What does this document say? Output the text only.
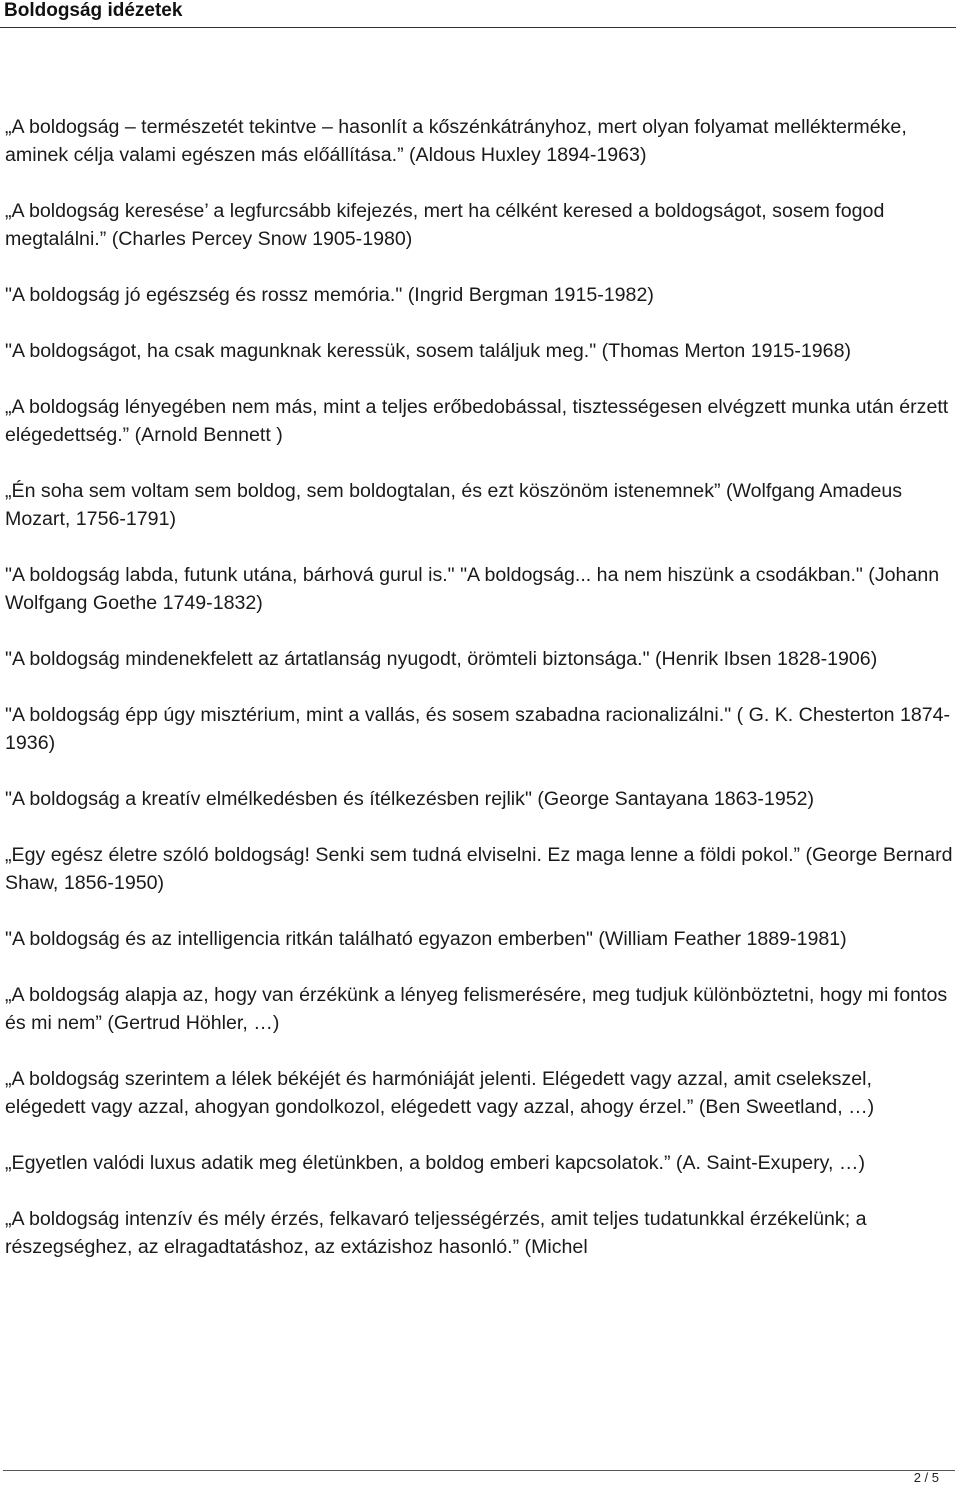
Boldogság idézetek

„A boldogság – természetét tekintve – hasonlít a kőszénkátrányhoz, mert olyan folyamat mellékterméke, aminek célja valami egészen más előállítása.” (Aldous Huxley 1894-1963)

„A boldogság keresése’ a legfurcsább kifejezés, mert ha célként keresed a boldogságot, sosem fogod megtalálni.” (Charles Percey Snow 1905-1980)

"A boldogság jó egészség és rossz memória." (Ingrid Bergman 1915-1982)

"A boldogságot, ha csak magunknak keressük, sosem találjuk meg." (Thomas Merton 1915-1968)

„A boldogság lényegében nem más, mint a teljes erőbedobással, tisztességesen elvégzett munka után érzett elégedettség.” (Arnold Bennett )

„Én soha sem voltam sem boldog, sem boldogtalan, és ezt köszönöm istenemnek” (Wolfgang Amadeus Mozart, 1756-1791)

"A boldogság labda, futunk utána, bárhová gurul is." "A boldogság... ha nem hiszünk a csodákban." (Johann Wolfgang Goethe 1749-1832)

"A boldogság mindenekfelett az ártatlanság nyugodt, örömteli biztonsága." (Henrik Ibsen 1828-1906)

"A boldogság épp úgy misztérium, mint a vallás, és sosem szabadna racionalizálni." ( G. K. Chesterton 1874-1936)

"A boldogság a kreatív elmélkedésben és ítélkezésben rejlik" (George Santayana 1863-1952)

„Egy egész életre szóló boldogság! Senki sem tudná elviselni. Ez maga lenne a földi pokol.” (George Bernard Shaw, 1856-1950)

"A boldogság és az intelligencia ritkán található egyazon emberben" (William Feather 1889-1981)

„A boldogság alapja az, hogy van érzékünk a lényeg felismerésére, meg tudjuk különböztetni, hogy mi fontos és mi nem” (Gertrud Höhler, …)

„A boldogság szerintem a lélek békéjét és harmóniáját jelenti. Elégedett vagy azzal, amit cselekszel, elégedett vagy azzal, ahogyan gondolkozol, elégedett vagy azzal, ahogy érzel.” (Ben Sweetland, …)

„Egyetlen valódi luxus adatik meg életünkben, a boldog emberi kapcsolatok.” (A. Saint-Exupery, …)

„A boldogság intenzív és mély érzés, felkavaró teljességérzés, amit teljes tudatunkkal érzékelünk; a részegséghez, az elragadtatáshoz, az extázishoz hasonló.” (Michel

2 / 5
